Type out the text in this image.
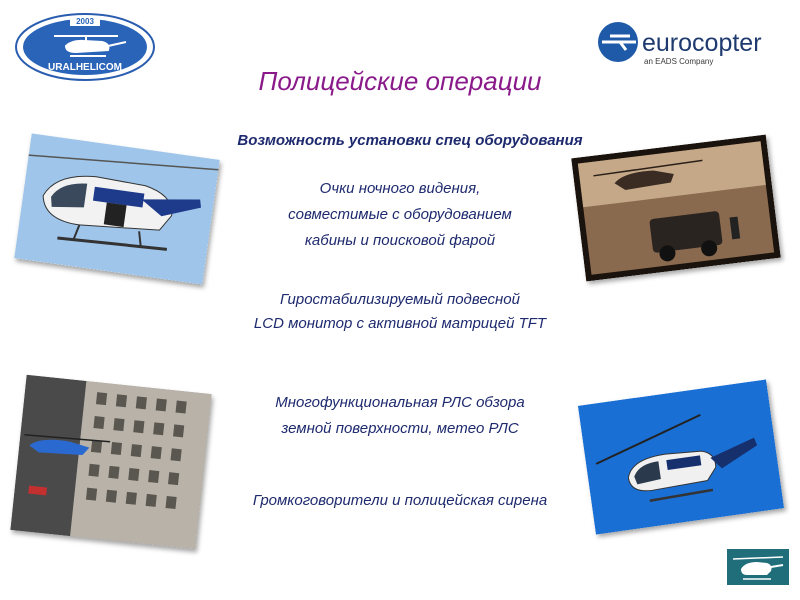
2003
URALHELICOM
eurocopter
an EADS Company
Полицейские операции
Возможность установки спец оборудования
Очки ночного видения,
совместимые с оборудованием
кабины и поисковой фарой
Гиростабилизируемый подвесной
LCD монитор с активной матрицей TFT
Многофункциональная РЛС обзора
земной поверхности, метео РЛС
Громкоговорители и полицейская сирена
